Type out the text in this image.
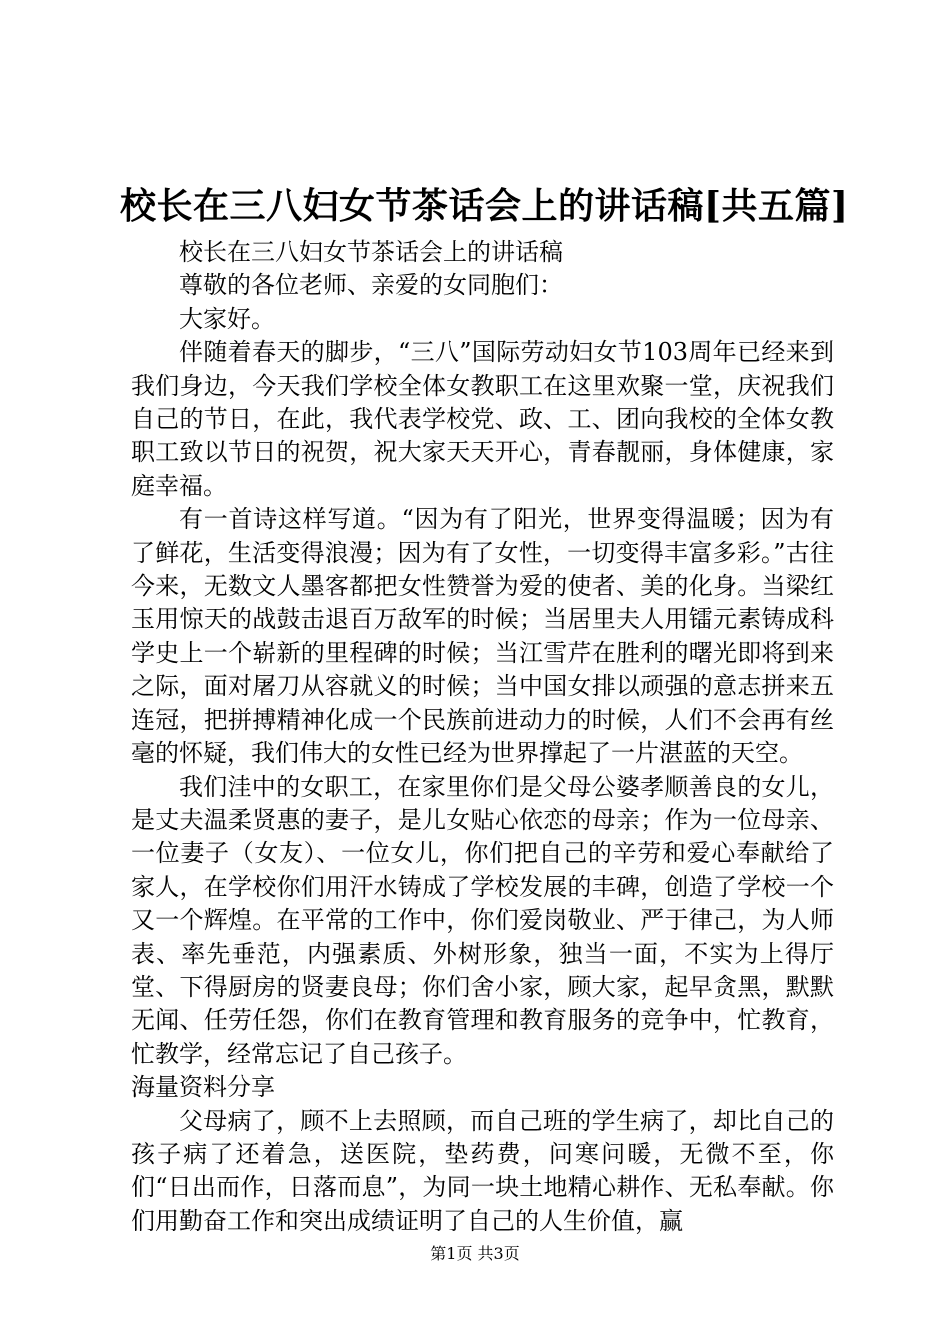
校长在三八妇女节茶话会上的讲话稿[共五篇]

校长在三八妇女节茶话会上的讲话稿

尊敬的各位老师、亲爱的女同胞们：

大家好。

伴随着春天的脚步，“三八”国际劳动妇女节103周年已经来到我们身边，今天我们学校全体女教职工在这里欢聚一堂，庆祝我们自己的节日，在此，我代表学校党、政、工、团向我校的全体女教职工致以节日的祝贺，祝大家天天开心，青春靓丽，身体健康，家庭幸福。

有一首诗这样写道。“因为有了阳光，世界变得温暖；因为有了鲜花，生活变得浪漫；因为有了女性，一切变得丰富多彩。”古往今来，无数文人墨客都把女性赞誉为爱的使者、美的化身。当梁红玉用惊天的战鼓击退百万敌军的时候；当居里夫人用镭元素铸成科学史上一个崭新的里程碑的时候；当江雪芹在胜利的曙光即将到来之际，面对屠刀从容就义的时候；当中国女排以顽强的意志拼来五连冠，把拼搏精神化成一个民族前进动力的时候，人们不会再有丝毫的怀疑，我们伟大的女性已经为世界撑起了一片湛蓝的天空。

我们洼中的女职工，在家里你们是父母公婆孝顺善良的女儿，是丈夫温柔贤惠的妻子，是儿女贴心依恋的母亲；作为一位母亲、一位妻子（女友）、一位女儿，你们把自己的辛劳和爱心奉献给了家人，在学校你们用汗水铸成了学校发展的丰碑，创造了学校一个又一个辉煌。在平常的工作中，你们爱岗敬业、严于律己，为人师表、率先垂范，内强素质、外树形象，独当一面，不实为上得厅堂、下得厨房的贤妻良母；你们舍小家，顾大家，起早贪黑，默默无闻、任劳任怨，你们在教育管理和教育服务的竞争中，忙教育，忙教学，经常忘记了自己孩子。

海量资料分享

父母病了，顾不上去照顾，而自己班的学生病了，却比自己的孩子病了还着急，送医院，垫药费，问寒问暖，无微不至，你们“日出而作，日落而息”，为同一块土地精心耕作、无私奉献。你们用勤奋工作和突出成绩证明了自己的人生价值，赢

第1页 共3页
